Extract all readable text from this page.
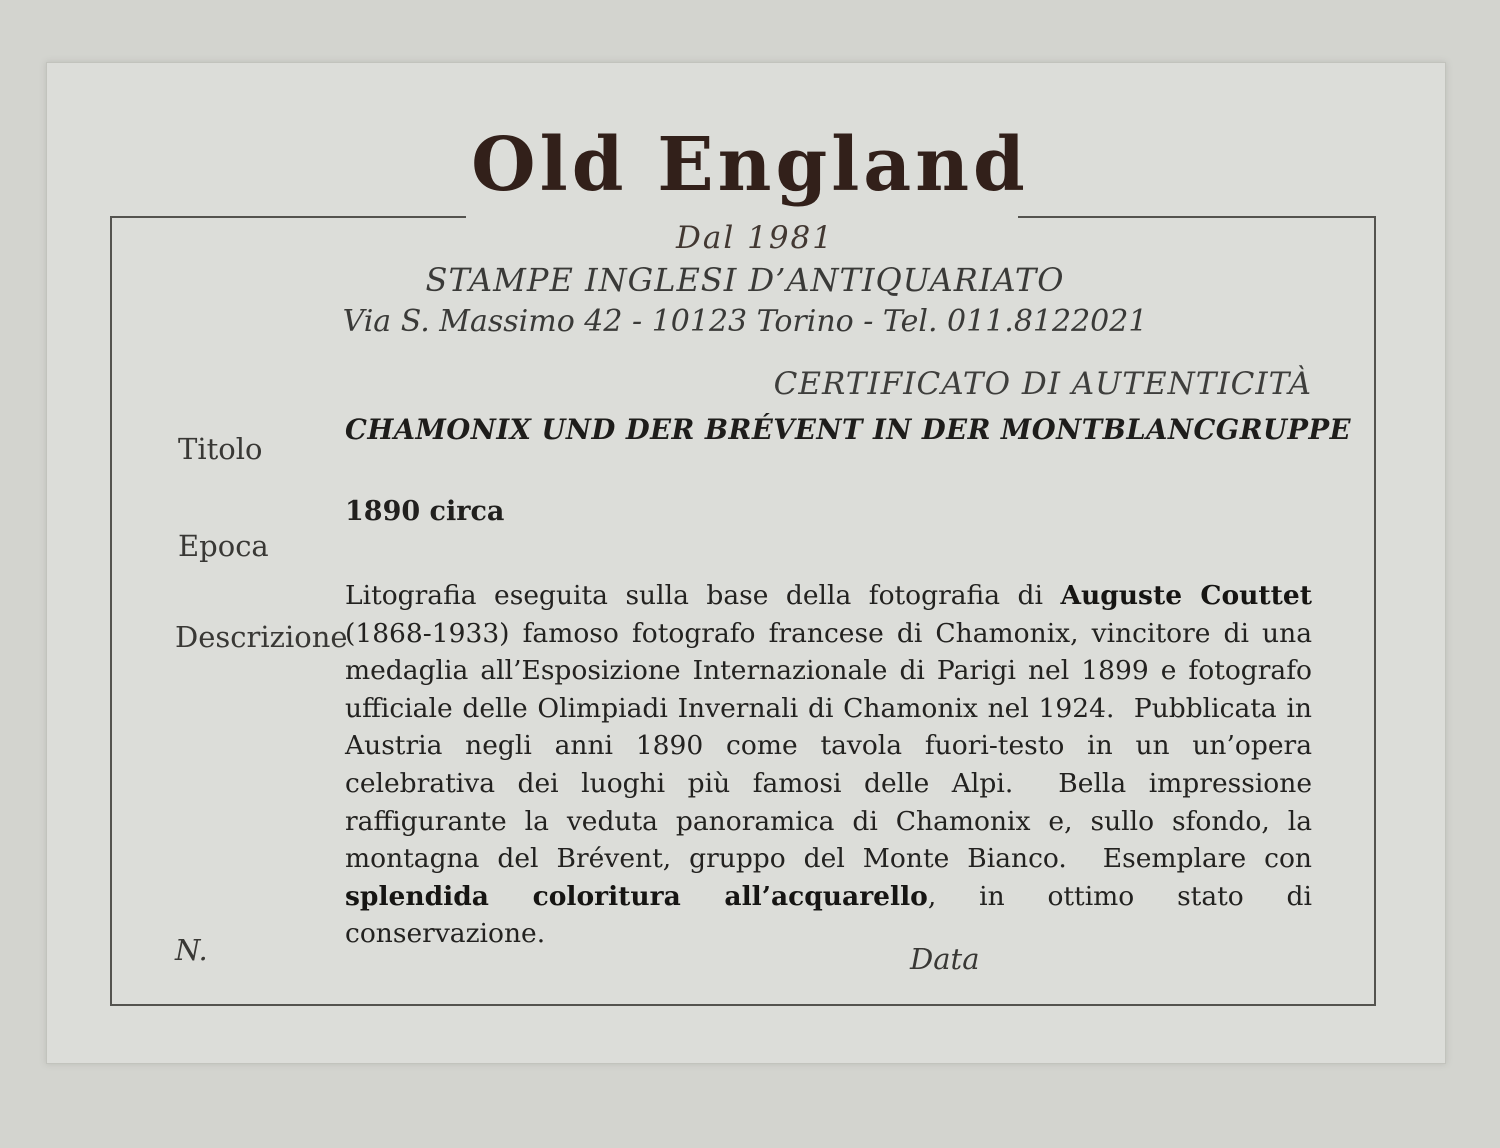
Old England
Dal 1981
STAMPE INGLESI D’ANTIQUARIATO
Via S. Massimo 42 - 10123 Torino - Tel. 011.8122021
CERTIFICATO DI AUTENTICITÀ
Titolo
CHAMONIX UND DER BRÉVENT IN DER MONTBLANCGRUPPE
Epoca
1890 circa
Descrizione
Litografia eseguita sulla base della fotografia di Auguste Couttet (1868-1933) famoso fotografo francese di Chamonix, vincitore di una medaglia all’Esposizione Internazionale di Parigi nel 1899 e fotografo ufficiale delle Olimpiadi Invernali di Chamonix nel 1924.  Pubblicata in Austria negli anni 1890 come tavola fuori-testo in un un’opera celebrativa dei luoghi più famosi delle Alpi.  Bella impressione raffigurante la veduta panoramica di Chamonix e, sullo sfondo, la montagna del Brévent, gruppo del Monte Bianco.  Esemplare con splendida coloritura all’acquarello, in ottimo stato di conservazione.
N.	Data
